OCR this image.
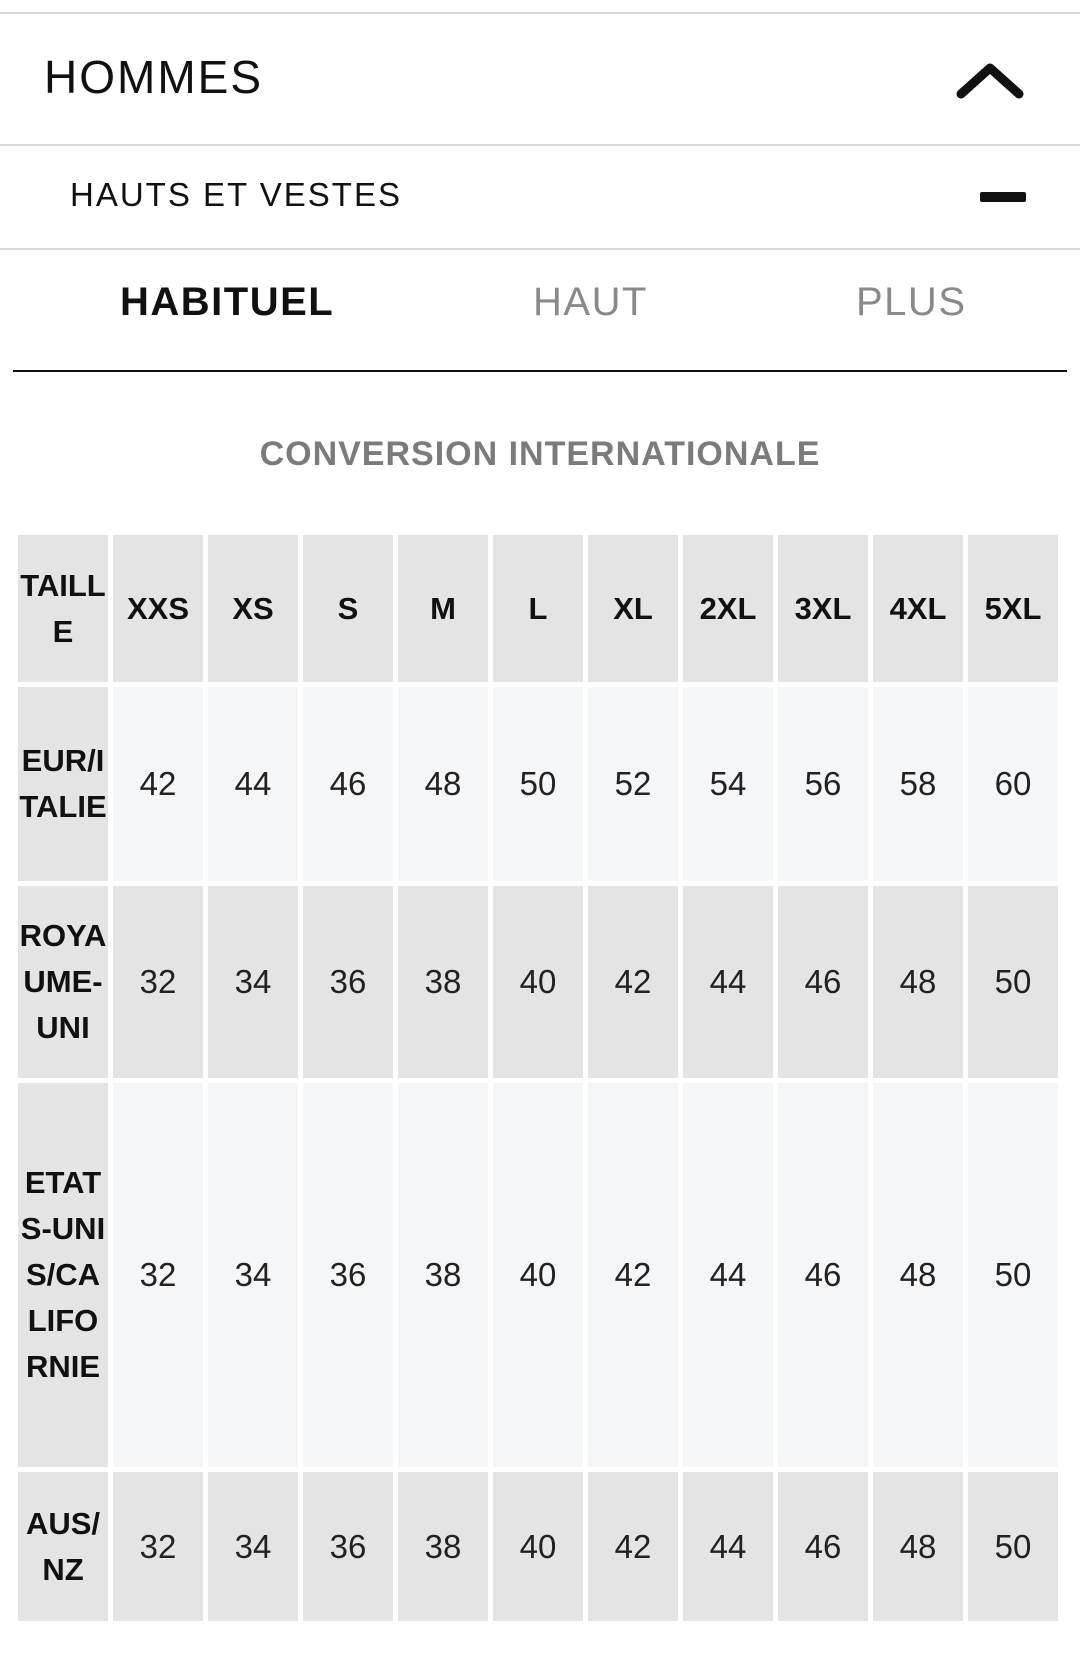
HOMMES
HAUTS ET VESTES
HABITUEL	HAUT	PLUS
CONVERSION INTERNATIONALE
TAILLE	XXS	XS	S	M	L	XL	2XL	3XL	4XL	5XL

EUR/ITALIE	42	44	46	48	50	52	54	56	58	60

ROYAUME-UNI	32	34	36	38	40	42	44	46	48	50

ETATS-UNIS/CALIFORNIE	32	34	36	38	40	42	44	46	48	50

AUS/NZ	32	34	36	38	40	42	44	46	48	50
